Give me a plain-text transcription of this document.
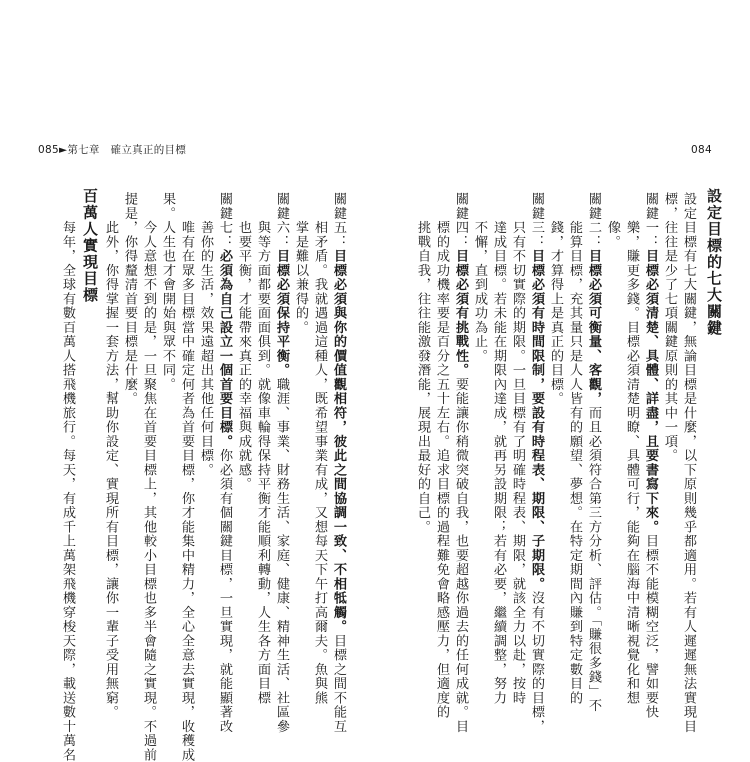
085►第七章　確立真正的目標	084
設定目標的七大關鍵
設定目標有七大關鍵，無論目標是什麼，以下原則幾乎都適用。若有人遲遲無法實現目
標，往往是少了七項關鍵原則的其中一項。
關鍵一：目標必須清楚、具體、詳盡，且要書寫下來。目標不能模糊空泛，譬如要快
　　樂，賺更多錢。目標必須清楚明瞭、具體可行，能夠在腦海中清晰視覺化和想
　　像。
關鍵二：目標必須可衡量、客觀，而且必須符合第三方分析、評估。「賺很多錢」不
　　能算目標，充其量只是人人皆有的願望、夢想。在特定期間內賺到特定數目的
　　錢，才算得上是真正的目標。
關鍵三：目標必須有時間限制，要設有時程表、期限、子期限。沒有不切實際的目標，
　　只有不切實際的期限。一旦目標有了明確時程表、期限，就該全力以赴，按時
　　達成目標。若未能在期限內達成，就再另設期限；若有必要，繼續調整，努力
　　不懈，直到成功為止。
關鍵四：目標必須有挑戰性。要能讓你稍微突破自我，也要超越你過去的任何成就。目
　　標的成功機率要是百分之五十左右。追求目標的過程難免會略感壓力，但適度的
　　挑戰自我，往往能激發潛能，展現出最好的自己。
關鍵五：目標必須與你的價值觀相符，彼此之間協調一致、不相牴觸。目標之間不能互
　　相矛盾。我就遇過這種人，既希望事業有成，又想每天下午打高爾夫。魚與熊
　　掌是難以兼得的。
關鍵六：目標必須保持平衡。職涯、事業、財務生活、家庭、健康、精神生活、社區參
　　與等方面都要面面俱到。就像車輪得保持平衡才能順利轉動，人生各方面目標
　　也要平衡，才能帶來真正的幸福與成就感。
關鍵七：必須為自己設立一個首要目標。你必須有個關鍵目標，一旦實現，就能顯著改
　　善你的生活，效果遠超出其他任何目標。
　　唯有在眾多目標當中確定何者為首要目標，你才能集中精力，全心全意去實現，收穫成
果。人生也才會開始與眾不同。
　　今人意想不到的是，一旦聚焦在首要目標上，其他較小目標也多半會隨之實現。不過前
提是，你得釐清首要目標是什麼。
　　此外，你得掌握一套方法，幫助你設定、實現所有目標，讓你一輩子受用無窮。
百萬人實現目標
　　每年，全球有數百萬人搭飛機旅行。每天，有成千上萬架飛機穿梭天際，載送數十萬名
